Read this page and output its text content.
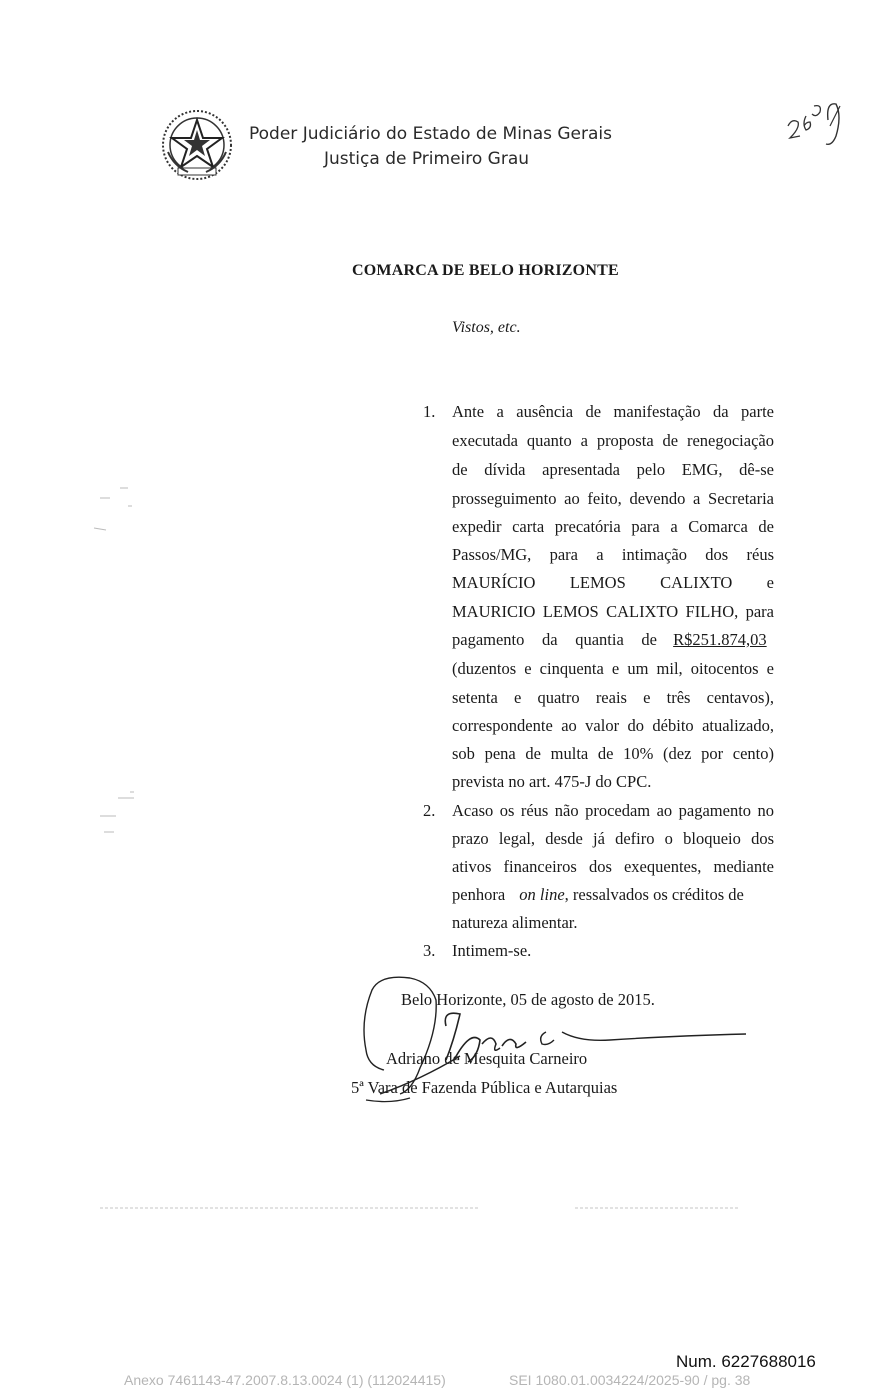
Poder Judiciário do Estado de Minas Gerais
Justiça de Primeiro Grau
COMARCA DE BELO HORIZONTE
Vistos, etc.
1. Ante a ausência de manifestação da parte
executada quanto a proposta de renegociação
de dívida apresentada pelo EMG, dê-se
prosseguimento ao feito, devendo a Secretaria
expedir carta precatória para a Comarca de
Passos/MG, para a intimação dos réus
MAURÍCIO LEMOS CALIXTO e
MAURICIO LEMOS CALIXTO FILHO, para
pagamento da quantia de R$251.874,03
(duzentos e cinquenta e um mil, oitocentos e
setenta e quatro reais e três centavos),
correspondente ao valor do débito atualizado,
sob pena de multa de 10% (dez por cento)
prevista no art. 475-J do CPC.
2. Acaso os réus não procedam ao pagamento no
prazo legal, desde já defiro o bloqueio dos
ativos financeiros dos exequentes, mediante
penhora on line, ressalvados os créditos de
natureza alimentar.
3. Intimem-se.
Belo Horizonte, 05 de agosto de 2015.
Adriano de Mesquita Carneiro
5ª Vara de Fazenda Pública e Autarquias
Num. 6227688016
Anexo 7461143-47.2007.8.13.0024 (1) (112024415)	SEI 1080.01.0034224/2025-90 / pg. 38
